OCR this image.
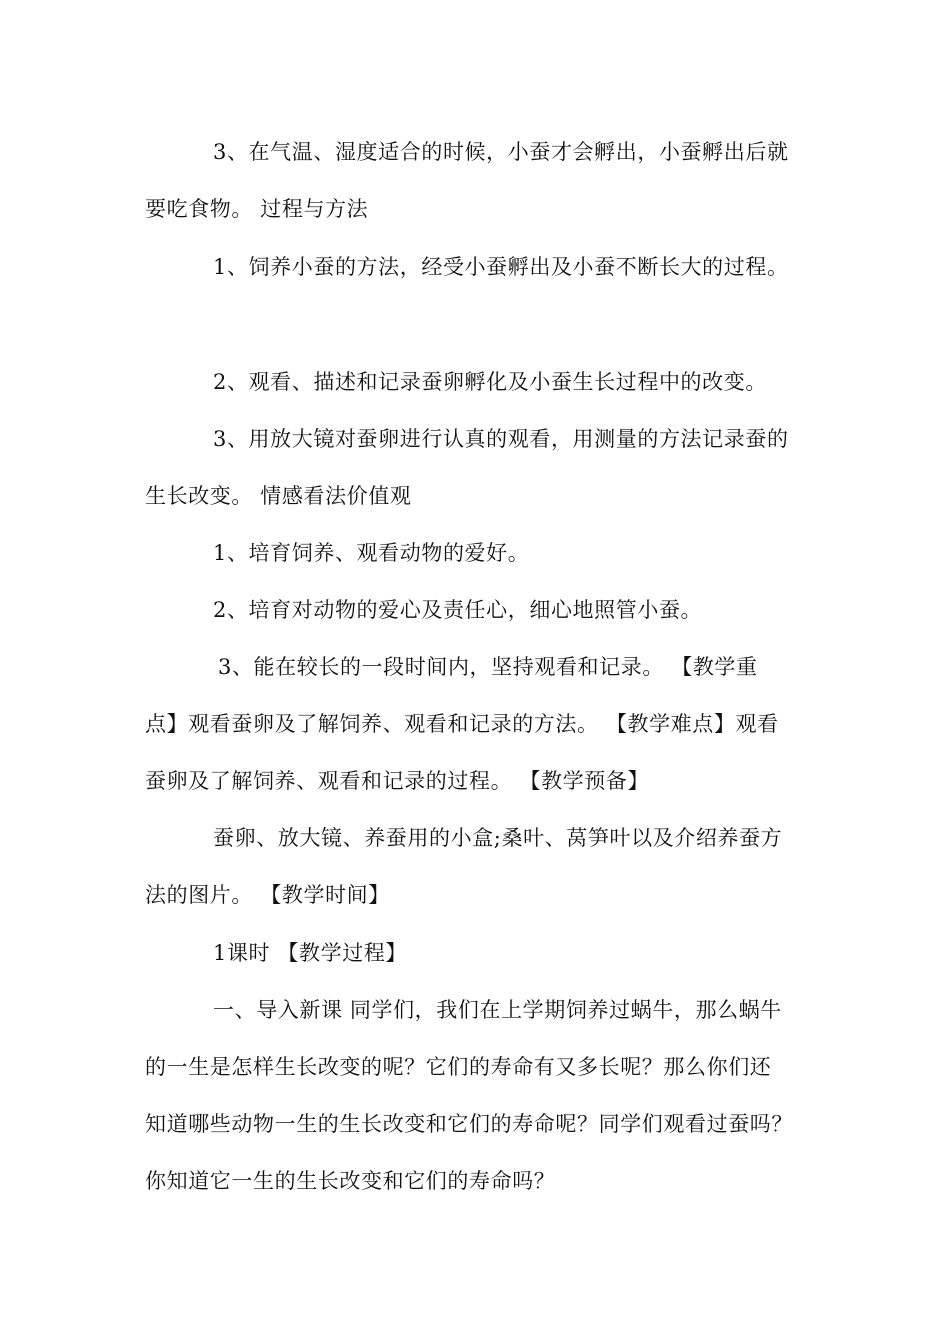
3、在气温、湿度适合的时候，小蚕才会孵出，小蚕孵出后就
要吃食物。 过程与方法
1、饲养小蚕的方法，经受小蚕孵出及小蚕不断长大的过程。
2、观看、描述和记录蚕卵孵化及小蚕生长过程中的改变。
3、用放大镜对蚕卵进行认真的观看，用测量的方法记录蚕的
生长改变。 情感看法价值观
1、培育饲养、观看动物的爱好。
2、培育对动物的爱心及责任心，细心地照管小蚕。
3、能在较长的一段时间内，坚持观看和记录。 【教学重
点】观看蚕卵及了解饲养、观看和记录的方法。 【教学难点】观看
蚕卵及了解饲养、观看和记录的过程。 【教学预备】
蚕卵、放大镜、养蚕用的小盒;桑叶、莴笋叶以及介绍养蚕方
法的图片。 【教学时间】
1课时 【教学过程】
一、导入新课 同学们，我们在上学期饲养过蜗牛，那么蜗牛
的一生是怎样生长改变的呢？它们的寿命有又多长呢？那么你们还
知道哪些动物一生的生长改变和它们的寿命呢？同学们观看过蚕吗？
你知道它一生的生长改变和它们的寿命吗？
